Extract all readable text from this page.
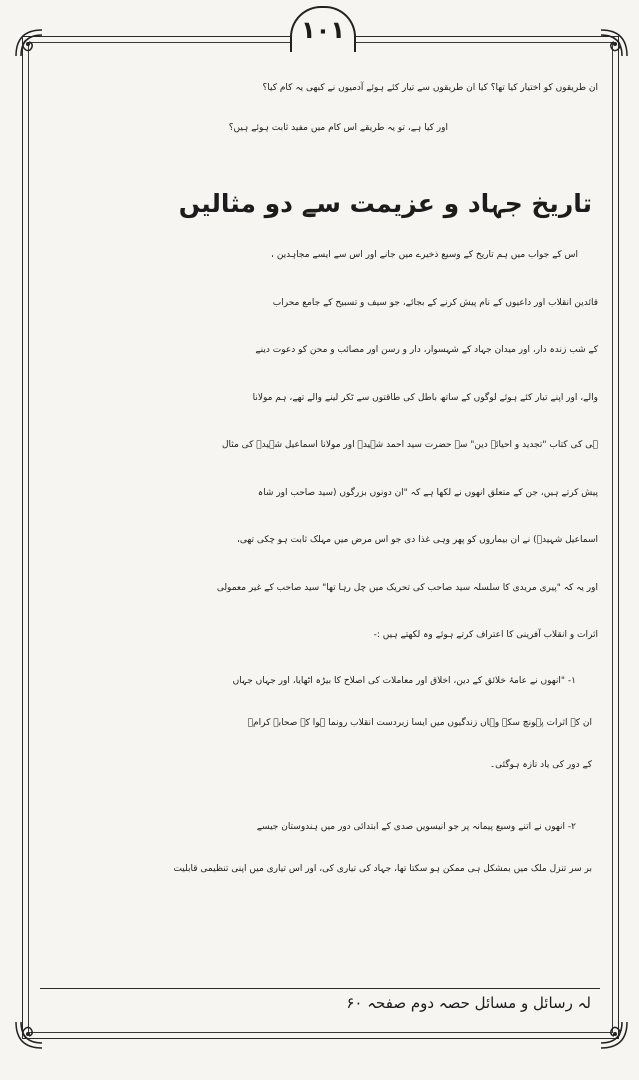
١٠١
ان طریقوں کو اختیار کیا تھا؟ کیا ان طریقوں سے تیار کئے ہوئے آدمیوں نے کبھی یہ کام کیا؟
اور کیا ہے، تو یہ طریقے اس کام میں مفید ثابت ہوئے ہیں؟
تاریخ جہاد و عزیمت سے دو مثالیں
اس کے جواب میں ہم تاریخ کے وسیع ذخیرے میں جانے اور اس سے ایسے مجاہدین ،
قائدین انقلاب اور داعیوں کے نام پیش کرنے کے بجائے، جو سیف و تسبیح کے جامع محراب
کے شب زندہ دار، اور میدان جہاد کے شہسوار، دار و رسن اور مصائب و محن کو دعوت دینے
والے، اور اپنے تیار کئے ہوئے لوگوں کے ساتھ باطل کی طاقتوں سے ٹکر لینے والے تھے، ہم مولانا
ہی کی کتاب "تجدید و احیائے دین" سے حضرت سید احمد شہیدؒ اور مولانا اسماعیل شہیدؒ کی مثال
پیش کرتے ہیں، جن کے متعلق انھوں نے لکھا ہے کہ "ان دونوں بزرگوں (سید صاحب اور شاہ
اسماعیل شہیدؒ) نے ان بیماروں کو پھر وہی غذا دی جو اس مرض میں مہلک ثابت ہو چکی تھی،
اور یہ کہ "پیری مریدی کا سلسلہ سید صاحب کی تحریک میں چل رہا تھا" سید صاحب کے غیر معمولی
اثرات و انقلاب آفرینی کا اعتراف کرتے ہوئے وہ لکھتے ہیں :-
۱- "انھوں نے عامۂ خلائق کے دین، اخلاق اور معاملات کی اصلاح کا بیڑہ اٹھایا، اور جہاں جہاں
ان کے اثرات پہونچ سکے وہاں زندگیوں میں ایسا زبردست انقلاب رونما ہوا کہ صحابہ کرامؓ
کے دور کی یاد تازہ ہوگئی۔
۲- انھوں نے اتنے وسیع پیمانہ پر جو انیسویں صدی کے ابتدائی دور میں ہندوستان جیسے
بر سر تنزل ملک میں بمشکل ہی ممکن ہو سکتا تھا، جہاد کی تیاری کی، اور اس تیاری میں اپنی تنظیمی قابلیت
لہ رسائل و مسائل حصہ دوم صفحہ ۶۰
